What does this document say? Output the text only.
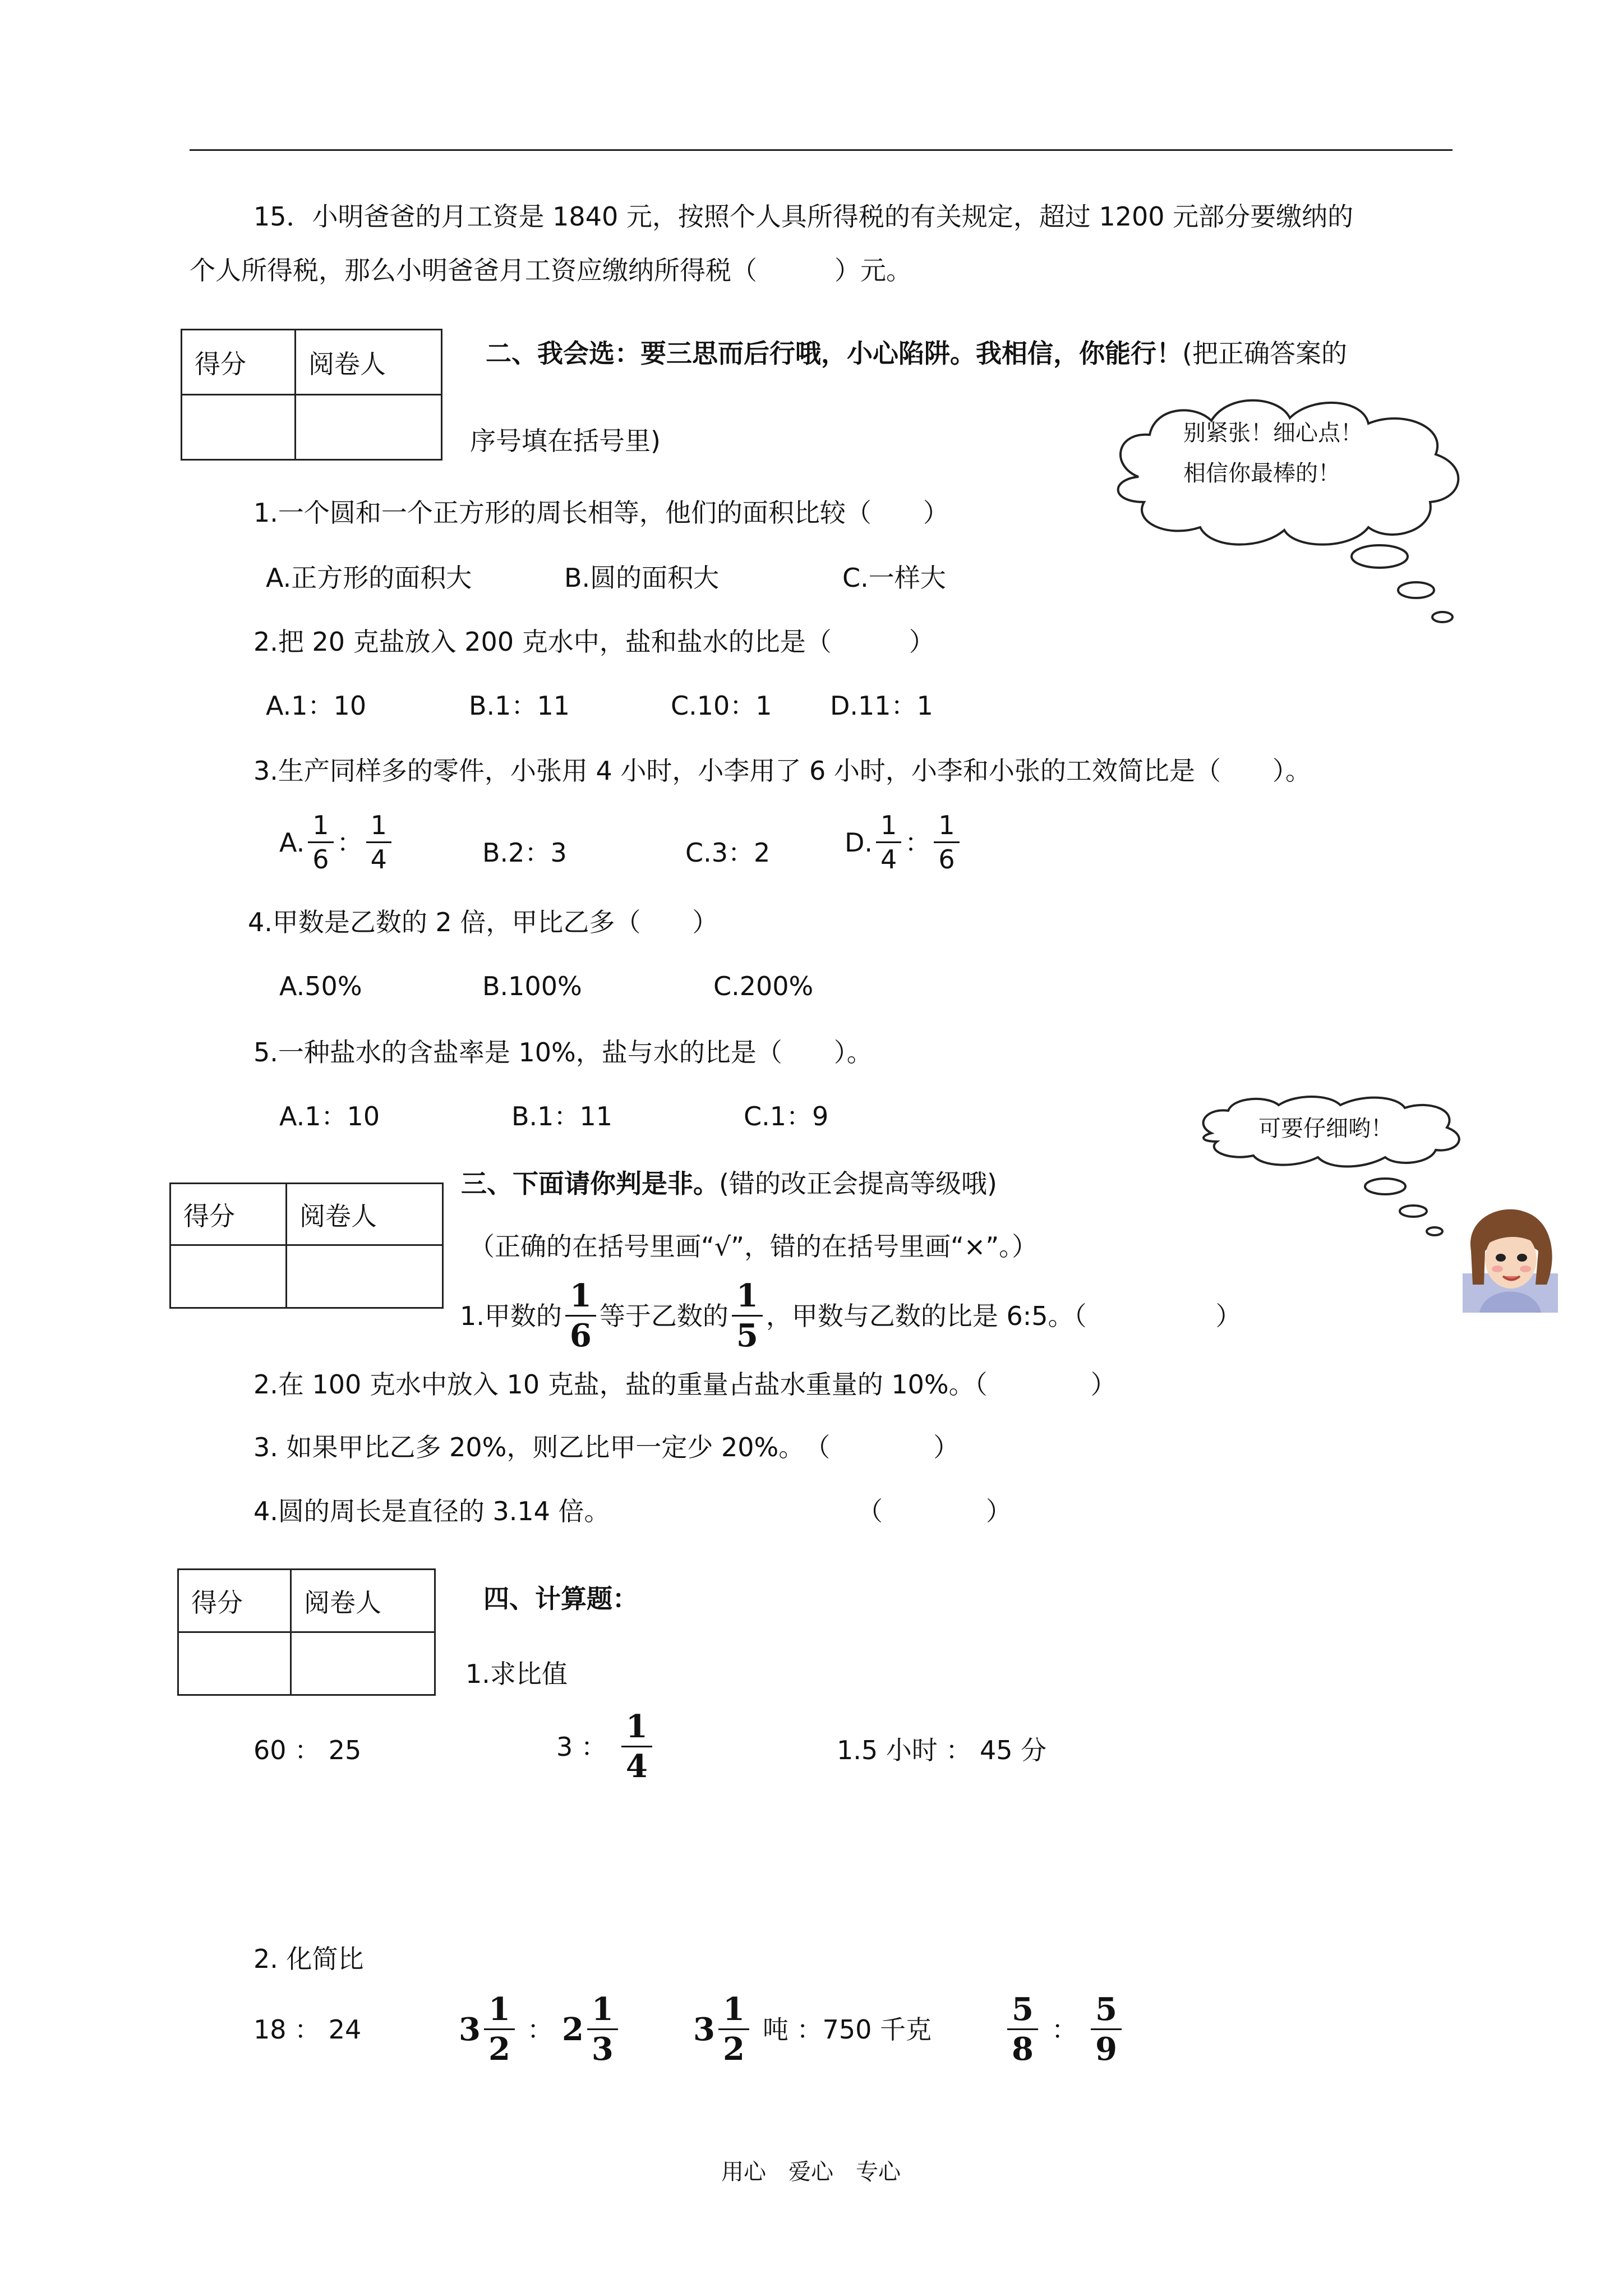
15．小明爸爸的月工资是 1840 元，按照个人具所得税的有关规定，超过 1200 元部分要缴纳的
个人所得税，那么小明爸爸月工资应缴纳所得税（　　　）元。
得分	阅卷人
		二、我会选：要三思而后行哦，小心陷阱。我相信，你能行！(把正确答案的
序号填在括号里)	别紧张！细心点！
相信你最棒的！
1.一个圆和一个正方形的周长相等，他们的面积比较（　　）
A.正方形的面积大	B.圆的面积大	C.一样大
2.把 20 克盐放入 200 克水中，盐和盐水的比是（　　　）
A.1：10	B.1：11	C.10：1 D.11：1
3.生产同样多的零件，小张用 4 小时，小李用了 6 小时，小李和小张的工效简比是（　　）。
A. $\frac{1}{6}$ ： $\frac{1}{4}$	B.2：3	C.3：2	D. $\frac{1}{4}$ ： $\frac{1}{6}$
4.甲数是乙数的 2 倍，甲比乙多（　　）
A.50%	B.100%	C.200%
5.一种盐水的含盐率是 10%，盐与水的比是（　　）。
A.1：10	B.1：11	C.1：9	可要仔细哟！
得分	阅卷人

三、下面请你判是非。(错的改正会提高等级哦)
（正确的在括号里画“√”，错的在括号里画“×”。）
1.甲数的 $\frac{1}{6}$ 等于乙数的 $\frac{1}{5}$ ，甲数与乙数的比是 6:5。（　　　　　）
2.在 100 克水中放入 10 克盐，盐的重量占盐水重量的 10%。（　　　　）
3. 如果甲比乙多 20%，则乙比甲一定少 20%。　（　　　　）
4.圆的周长是直径的 3.14 倍。	（　　　　）
得分	阅卷人
		四、计算题：
1.求比值
60 ： 25	3 ： $\frac{1}{4}$	1.5 小时 ： 45 分
2. 化简比
18 ： 24	$3 \frac{1}{2}$ ： $2 \frac{1}{3} 3 \frac{1}{2}$ 吨 ：750 千克 $\frac{5}{8}$ ： $\frac{5}{9}$
用心　爱心　专心
